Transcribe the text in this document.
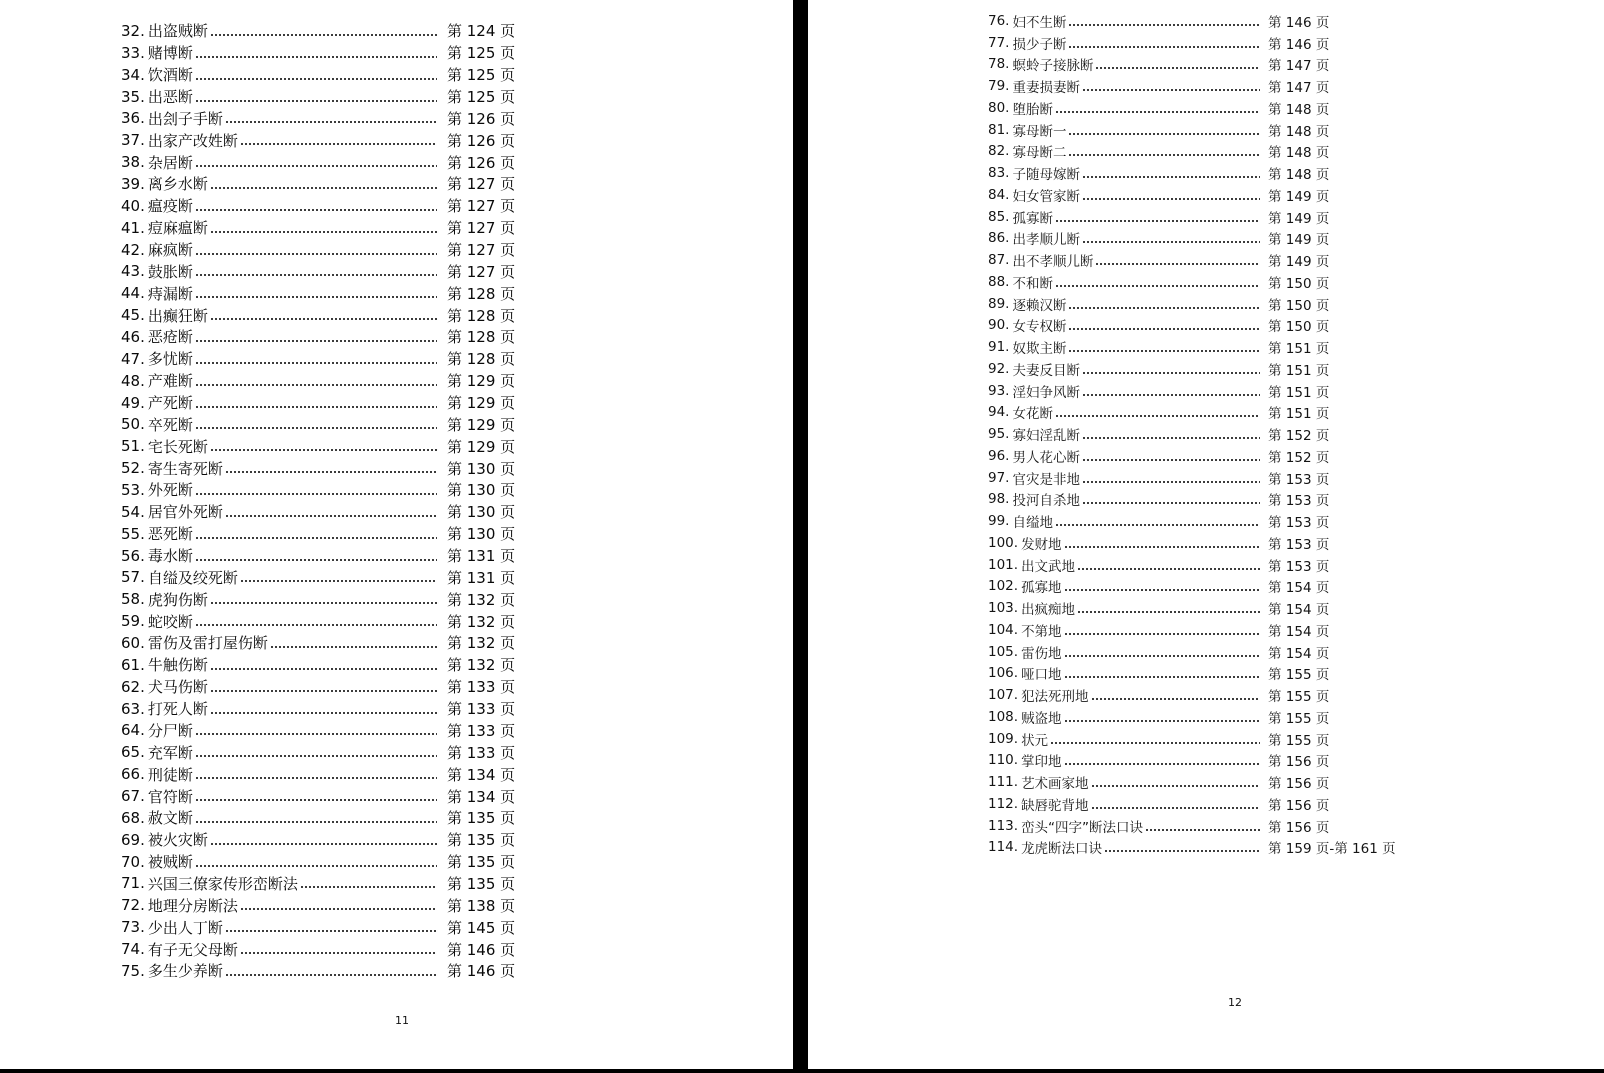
32. 出盗贼断	第 124 页
33. 赌博断	第 125 页
34. 饮酒断	第 125 页
35. 出恶断	第 125 页
36. 出刽子手断	第 126 页
37. 出家产改姓断	第 126 页
38. 杂居断	第 126 页
39. 离乡水断	第 127 页
40. 瘟疫断	第 127 页
41. 痘麻瘟断	第 127 页
42. 麻疯断	第 127 页
43. 鼓胀断	第 127 页
44. 痔漏断	第 128 页
45. 出癫狂断	第 128 页
46. 恶疮断	第 128 页
47. 多忧断	第 128 页
48. 产难断	第 129 页
49. 产死断	第 129 页
50. 卒死断	第 129 页
51. 宅长死断	第 129 页
52. 寄生寄死断	第 130 页
53. 外死断	第 130 页
54. 居官外死断	第 130 页
55. 恶死断	第 130 页
56. 毒水断	第 131 页
57. 自缢及绞死断	第 131 页
58. 虎狗伤断	第 132 页
59. 蛇咬断	第 132 页
60. 雷伤及雷打屋伤断	第 132 页
61. 牛触伤断	第 132 页
62. 犬马伤断	第 133 页
63. 打死人断	第 133 页
64. 分尸断	第 133 页
65. 充军断	第 133 页
66. 刑徒断	第 134 页
67. 官符断	第 134 页
68. 赦文断	第 135 页
69. 被火灾断	第 135 页
70. 被贼断	第 135 页
71. 兴国三僚家传形峦断法	第 135 页
72. 地理分房断法	第 138 页
73. 少出人丁断	第 145 页
74. 有子无父母断	第 146 页
75. 多生少养断	第 146 页
11
76. 妇不生断	第 146 页
77. 损少子断	第 146 页
78. 螟蛉子接脉断	第 147 页
79. 重妻损妻断	第 147 页
80. 堕胎断	第 148 页
81. 寡母断一	第 148 页
82. 寡母断二	第 148 页
83. 子随母嫁断	第 148 页
84. 妇女管家断	第 149 页
85. 孤寡断	第 149 页
86. 出孝顺儿断	第 149 页
87. 出不孝顺儿断	第 149 页
88. 不和断	第 150 页
89. 逐赖汉断	第 150 页
90. 女专权断	第 150 页
91. 奴欺主断	第 151 页
92. 夫妻反目断	第 151 页
93. 淫妇争风断	第 151 页
94. 女花断	第 151 页
95. 寡妇淫乱断	第 152 页
96. 男人花心断	第 152 页
97. 官灾是非地	第 153 页
98. 投河自杀地	第 153 页
99. 自缢地	第 153 页
100. 发财地	第 153 页
101. 出文武地	第 153 页
102. 孤寡地	第 154 页
103. 出疯痴地	第 154 页
104. 不第地	第 154 页
105. 雷伤地	第 154 页
106. 哑口地	第 155 页
107. 犯法死刑地	第 155 页
108. 贼盗地	第 155 页
109. 状元	第 155 页
110. 掌印地	第 156 页
111. 艺术画家地	第 156 页
112. 缺唇驼背地	第 156 页
113. 峦头“四字”断法口诀	第 156 页
114. 龙虎断法口诀	第 159 页-第 161 页
12
